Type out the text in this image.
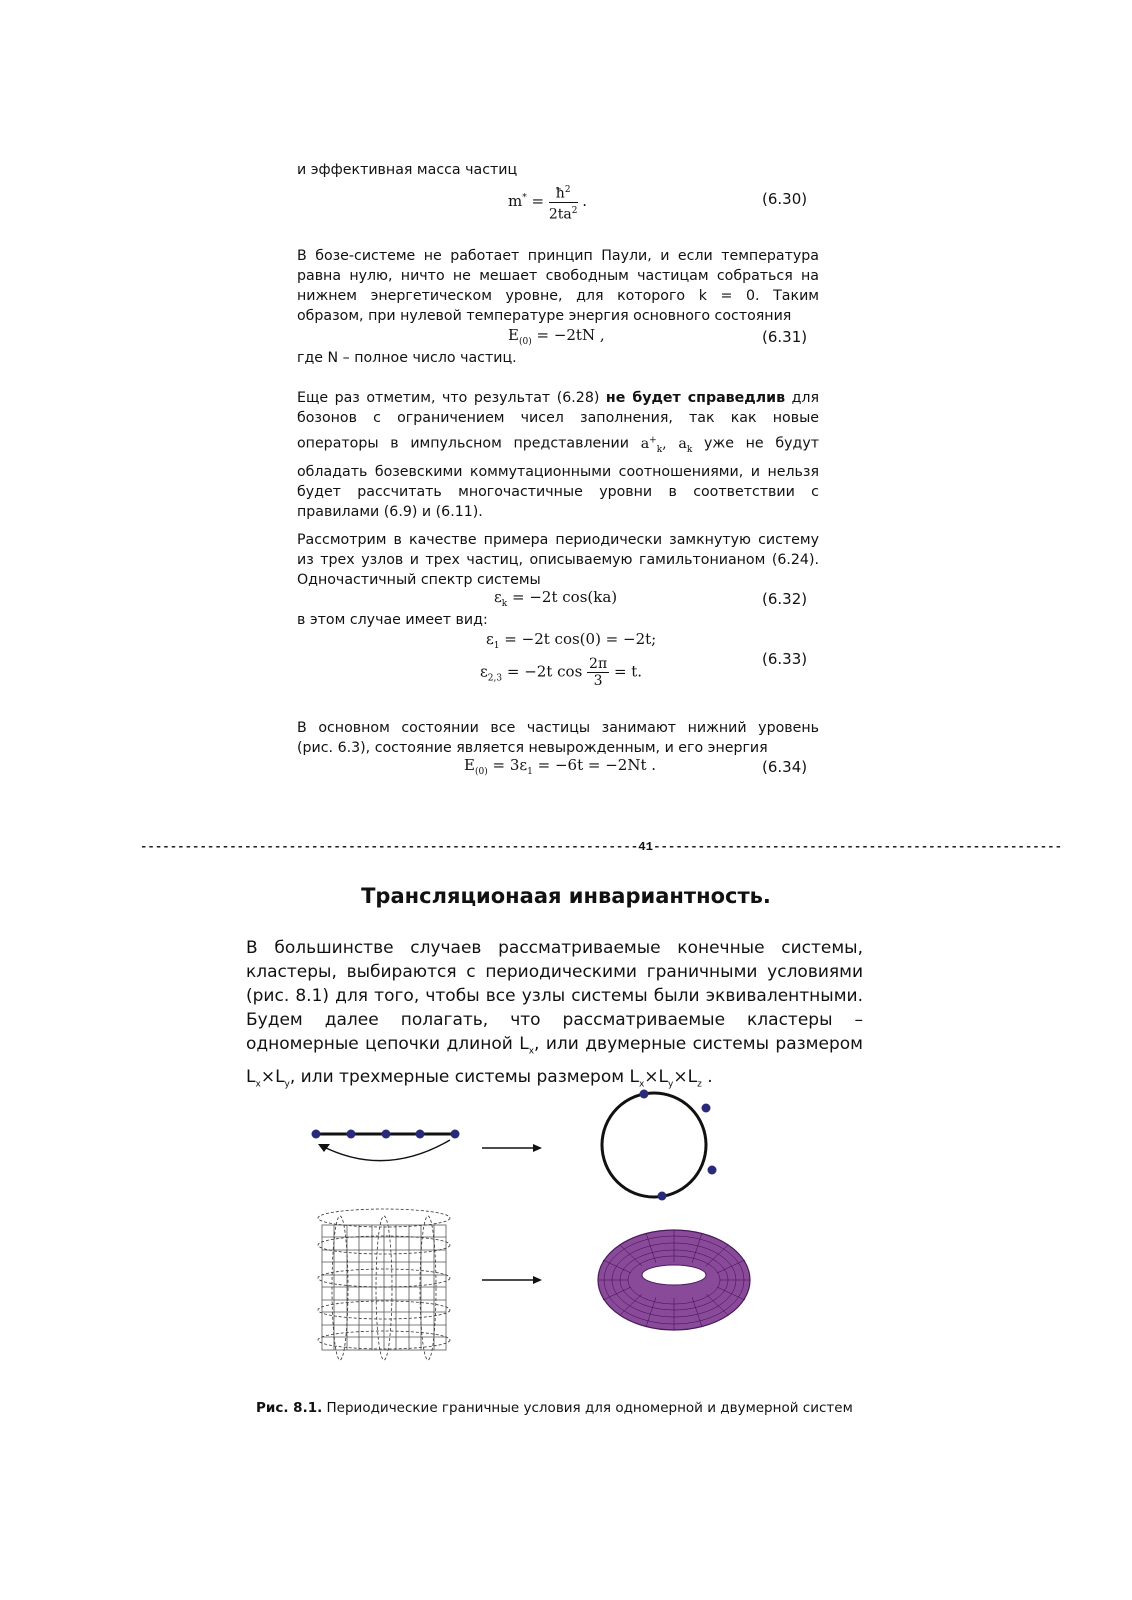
и эффективная масса частиц

$m^* = \frac{ħ^2}{2ta^2}$ .	(6.30)

В бозе-системе не работает принцип Паули, и если температура

равна нулю, ничто не мешает свободным частицам собраться на

нижнем энергетическом уровне, для которого k = 0. Таким

образом, при нулевой температуре энергия основного состояния

$E_{(0)} = -2tN$ ,	(6.31)

где N – полное число частиц.

Еще раз отметим, что результат (6.28) не будет справедлив для

бозонов с ограничением чисел заполнения, так как новые

операторы в импульсном представлении $a^+_k$, $a_k$ уже не будут

обладать бозевскими коммутационными соотношениями, и нельзя

будет рассчитать многочастичные уровни в соответствии с

правилами (6.9) и (6.11).

Рассмотрим в качестве примера периодически замкнутую систему

из трех узлов и трех частиц, описываемую гамильтонианом (6.24).

Одночастичный спектр системы

$\varepsilon_k = -2t$ cos(ka)	(6.32)

в этом случае имеет вид:

$\varepsilon_1 = -2t$ cos(0) = −2t;
$\varepsilon_{2,3} = -2t$ $\cos \frac{2\pi}{3} = t$.
(6.33)

В основном состоянии все частицы занимают нижний уровень

(рис. 6.3), состояние является невырожденным, и его энергия

$E_{(0)} = 3\varepsilon_1 = -6t = -2Nt$ .	(6.34)
-------------------------------------------------------------------41-------------------------------------------------------
Трансляционаая инвариантность.

В большинстве случаев рассматриваемые конечные системы,

кластеры, выбираются с периодическими граничными условиями

(рис. 8.1) для того, чтобы все узлы системы были эквивалентными.

Будем далее полагать, что рассматриваемые кластеры –

одномерные цепочки длиной $L_x$, или двумерные системы размером

$L_x\times L_y$, или трехмерные системы размером $L_x\times L_y\times L_z$ .

Рис. 8.1. Периодические граничные условия для одномерной и двумерной систем
